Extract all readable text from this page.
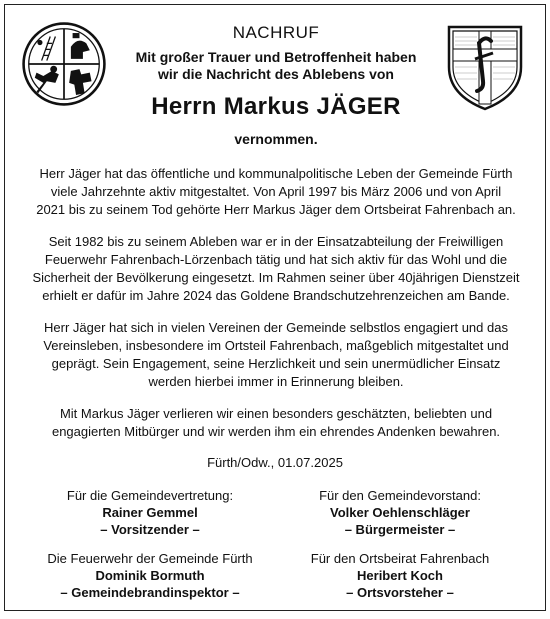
NACHRUF

Mit großer Trauer und Betroffenheit haben

wir die Nachricht des Ablebens von

Herrn Markus JÄGER

vernommen.

Herr Jäger hat das öffentliche und kommunalpolitische Leben der Gemeinde Fürth
viele Jahrzehnte aktiv mitgestaltet. Von April 1997 bis März 2006 und von April
2021 bis zu seinem Tod gehörte Herr Markus Jäger dem Ortsbeirat Fahrenbach an.

Seit 1982 bis zu seinem Ableben war er in der Einsatzabteilung der Freiwilligen
Feuerwehr Fahrenbach-Lörzenbach tätig und hat sich aktiv für das Wohl und die
Sicherheit der Bevölkerung eingesetzt. Im Rahmen seiner über 40jährigen Dienstzeit
erhielt er dafür im Jahre 2024 das Goldene Brandschutzehrenzeichen am Bande.

Herr Jäger hat sich in vielen Vereinen der Gemeinde selbstlos engagiert und das
Vereinsleben, insbesondere im Ortsteil Fahrenbach, maßgeblich mitgestaltet und
geprägt. Sein Engagement, seine Herzlichkeit und sein unermüdlicher Einsatz
werden hierbei immer in Erinnerung bleiben.

Mit Markus Jäger verlieren wir einen besonders geschätzten, beliebten und
engagierten Mitbürger und wir werden ihm ein ehrendes Andenken bewahren.

Fürth/Odw., 01.07.2025
Für die Gemeindevertretung:
Rainer Gemmel
– Vorsitzender –
Für den Gemeindevorstand:
Volker Oehlenschläger
– Bürgermeister –
Die Feuerwehr der Gemeinde Fürth
Dominik Bormuth
– Gemeindebrandinspektor –
Für den Ortsbeirat Fahrenbach
Heribert Koch
– Ortsvorsteher –
